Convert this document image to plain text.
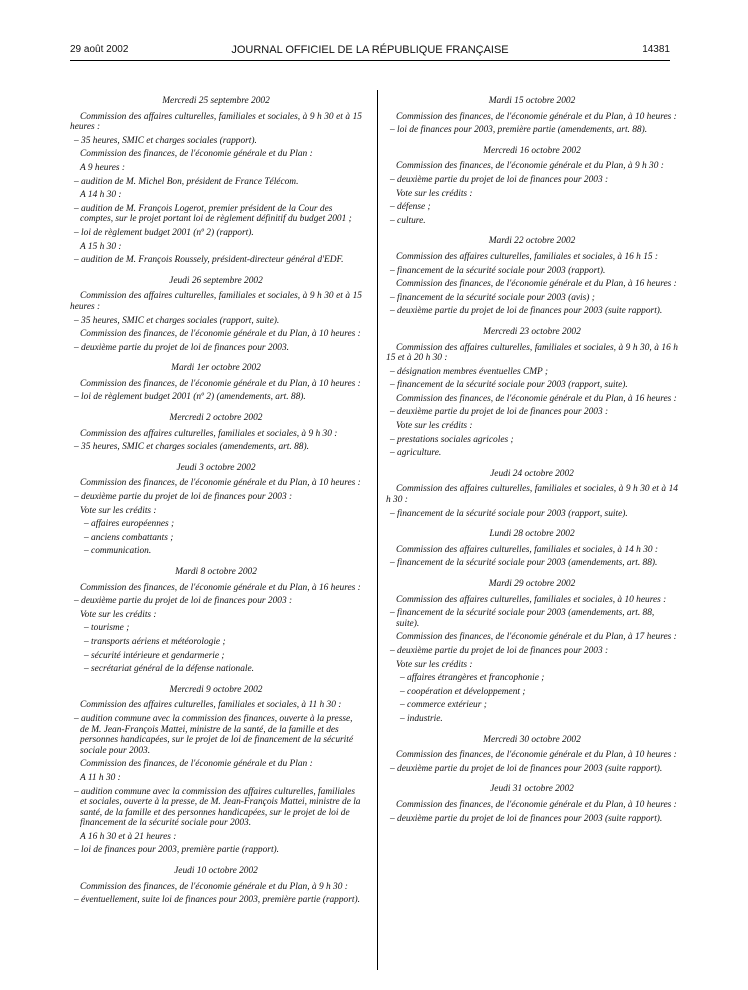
29 août 2002	JOURNAL OFFICIEL DE LA RÉPUBLIQUE FRANÇAISE	14381

Mercredi 25 septembre 2002

Commission des affaires culturelles, familiales et sociales, à 9 h 30 et à 15 heures :

– 35 heures, SMIC et charges sociales (rapport).

Commission des finances, de l'économie générale et du Plan :

A 9 heures :

– audition de M. Michel Bon, président de France Télécom.

A 14 h 30 :

– audition de M. François Logerot, premier président de la Cour des comptes, sur le projet portant loi de règlement définitif du budget 2001 ;

– loi de règlement budget 2001 (nº 2) (rapport).

A 15 h 30 :

– audition de M. François Roussely, président-directeur général d'EDF.

Jeudi 26 septembre 2002

Commission des affaires culturelles, familiales et sociales, à 9 h 30 et à 15 heures :

– 35 heures, SMIC et charges sociales (rapport, suite).

Commission des finances, de l'économie générale et du Plan, à 10 heures :

– deuxième partie du projet de loi de finances pour 2003.

Mardi 1er octobre 2002

Commission des finances, de l'économie générale et du Plan, à 10 heures :

– loi de règlement budget 2001 (nº 2) (amendements, art. 88).

Mercredi 2 octobre 2002

Commission des affaires culturelles, familiales et sociales, à 9 h 30 :

– 35 heures, SMIC et charges sociales (amendements, art. 88).

Jeudi 3 octobre 2002

Commission des finances, de l'économie générale et du Plan, à 10 heures :

– deuxième partie du projet de loi de finances pour 2003 :

Vote sur les crédits :

– affaires européennes ;

– anciens combattants ;

– communication.

Mardi 8 octobre 2002

Commission des finances, de l'économie générale et du Plan, à 16 heures :

– deuxième partie du projet de loi de finances pour 2003 :

Vote sur les crédits :

– tourisme ;

– transports aériens et météorologie ;

– sécurité intérieure et gendarmerie ;

– secrétariat général de la défense nationale.

Mercredi 9 octobre 2002

Commission des affaires culturelles, familiales et sociales, à 11 h 30 :

– audition commune avec la commission des finances, ouverte à la presse, de M. Jean-François Mattei, ministre de la santé, de la famille et des personnes handicapées, sur le projet de loi de financement de la sécurité sociale pour 2003.

Commission des finances, de l'économie générale et du Plan :

A 11 h 30 :

– audition commune avec la commission des affaires culturelles, familiales et sociales, ouverte à la presse, de M. Jean-François Mattei, ministre de la santé, de la famille et des personnes handicapées, sur le projet de loi de financement de la sécurité sociale pour 2003.

A 16 h 30 et à 21 heures :

– loi de finances pour 2003, première partie (rapport).

Jeudi 10 octobre 2002

Commission des finances, de l'économie générale et du Plan, à 9 h 30 :

– éventuellement, suite loi de finances pour 2003, première partie (rapport).

Mardi 15 octobre 2002

Commission des finances, de l'économie générale et du Plan, à 10 heures :

– loi de finances pour 2003, première partie (amendements, art. 88).

Mercredi 16 octobre 2002

Commission des finances, de l'économie générale et du Plan, à 9 h 30 :

– deuxième partie du projet de loi de finances pour 2003 :

Vote sur les crédits :

– défense ;

– culture.

Mardi 22 octobre 2002

Commission des affaires culturelles, familiales et sociales, à 16 h 15 :

– financement de la sécurité sociale pour 2003 (rapport).

Commission des finances, de l'économie générale et du Plan, à 16 heures :

– financement de la sécurité sociale pour 2003 (avis) ;

– deuxième partie du projet de loi de finances pour 2003 (suite rapport).

Mercredi 23 octobre 2002

Commission des affaires culturelles, familiales et sociales, à 9 h 30, à 16 h 15 et à 20 h 30 :

– désignation membres éventuelles CMP ;

– financement de la sécurité sociale pour 2003 (rapport, suite).

Commission des finances, de l'économie générale et du Plan, à 16 heures :

– deuxième partie du projet de loi de finances pour 2003 :

Vote sur les crédits :

– prestations sociales agricoles ;

– agriculture.

Jeudi 24 octobre 2002

Commission des affaires culturelles, familiales et sociales, à 9 h 30 et à 14 h 30 :

– financement de la sécurité sociale pour 2003 (rapport, suite).

Lundi 28 octobre 2002

Commission des affaires culturelles, familiales et sociales, à 14 h 30 :

– financement de la sécurité sociale pour 2003 (amendements, art. 88).

Mardi 29 octobre 2002

Commission des affaires culturelles, familiales et sociales, à 10 heures :

– financement de la sécurité sociale pour 2003 (amendements, art. 88, suite).

Commission des finances, de l'économie générale et du Plan, à 17 heures :

– deuxième partie du projet de loi de finances pour 2003 :

Vote sur les crédits :

– affaires étrangères et francophonie ;

– coopération et développement ;

– commerce extérieur ;

– industrie.

Mercredi 30 octobre 2002

Commission des finances, de l'économie générale et du Plan, à 10 heures :

– deuxième partie du projet de loi de finances pour 2003 (suite rapport).

Jeudi 31 octobre 2002

Commission des finances, de l'économie générale et du Plan, à 10 heures :

– deuxième partie du projet de loi de finances pour 2003 (suite rapport).
